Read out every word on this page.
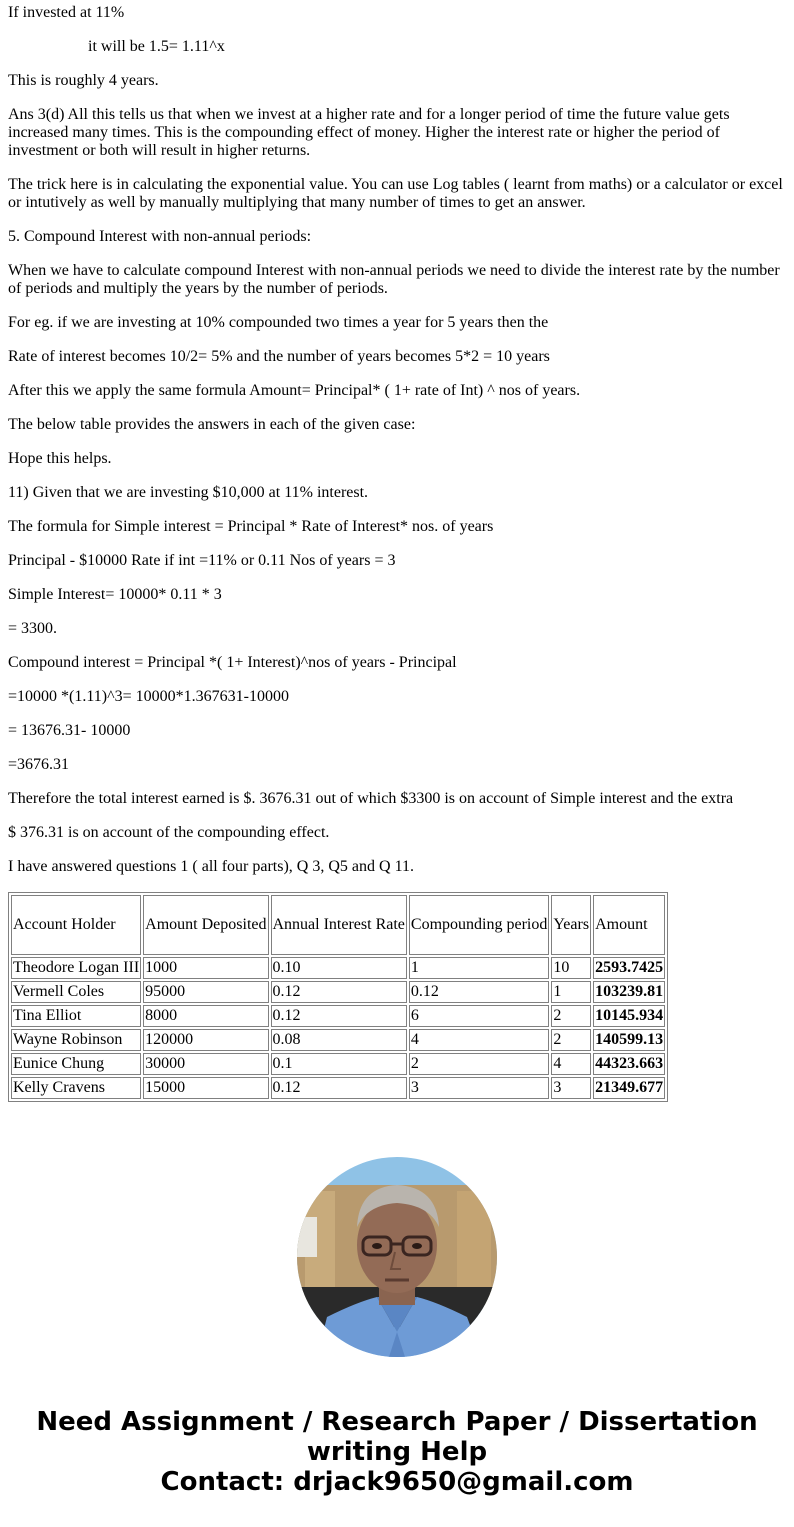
If invested at 11%

it will be 1.5= 1.11^x

This is roughly 4 years.

Ans 3(d) All this tells us that when we invest at a higher rate and for a longer period of time the future value gets increased many times. This is the compounding effect of money. Higher the interest rate or higher the period of investment or both will result in higher returns.

The trick here is in calculating the exponential value. You can use Log tables ( learnt from maths) or a calculator or excel or intutively as well by manually multiplying that many number of times to get an answer.

5. Compound Interest with non-annual periods:

When we have to calculate compound Interest with non-annual periods we need to divide the interest rate by the number of periods and multiply the years by the number of periods.

For eg. if we are investing at 10% compounded two times a year for 5 years then the

Rate of interest becomes 10/2= 5% and the number of years becomes 5*2 = 10 years

After this we apply the same formula Amount= Principal* ( 1+ rate of Int) ^ nos of years.

The below table provides the answers in each of the given case:

Hope this helps.

11) Given that we are investing $10,000 at 11% interest.

The formula for Simple interest = Principal * Rate of Interest* nos. of years

Principal - $10000 Rate if int =11% or 0.11 Nos of years = 3

Simple Interest= 10000* 0.11 * 3

= 3300.

Compound interest = Principal *( 1+ Interest)^nos of years - Principal

=10000 *(1.11)^3= 10000*1.367631-10000

= 13676.31- 10000

=3676.31

Therefore the total interest earned is $. 3676.31 out of which $3300 is on account of Simple interest and the extra

$ 376.31 is on account of the compounding effect.

I have answered questions 1 ( all four parts), Q 3, Q5 and Q 11.

Account Holder	Amount Deposited	Annual Interest Rate	Compounding period	Years	Amount
Theodore Logan III	1000	0.10	1	10	2593.7425
Vermell Coles	95000	0.12	0.12	1	103239.81
Tina Elliot	8000	0.12	6	2	10145.934
Wayne Robinson	120000	0.08	4	2	140599.13
Eunice Chung	30000	0.1	2	4	44323.663
Kelly Cravens	15000	0.12	3	3	21349.677
Need Assignment / Research Paper / Dissertation
writing Help
Contact: drjack9650@gmail.com
